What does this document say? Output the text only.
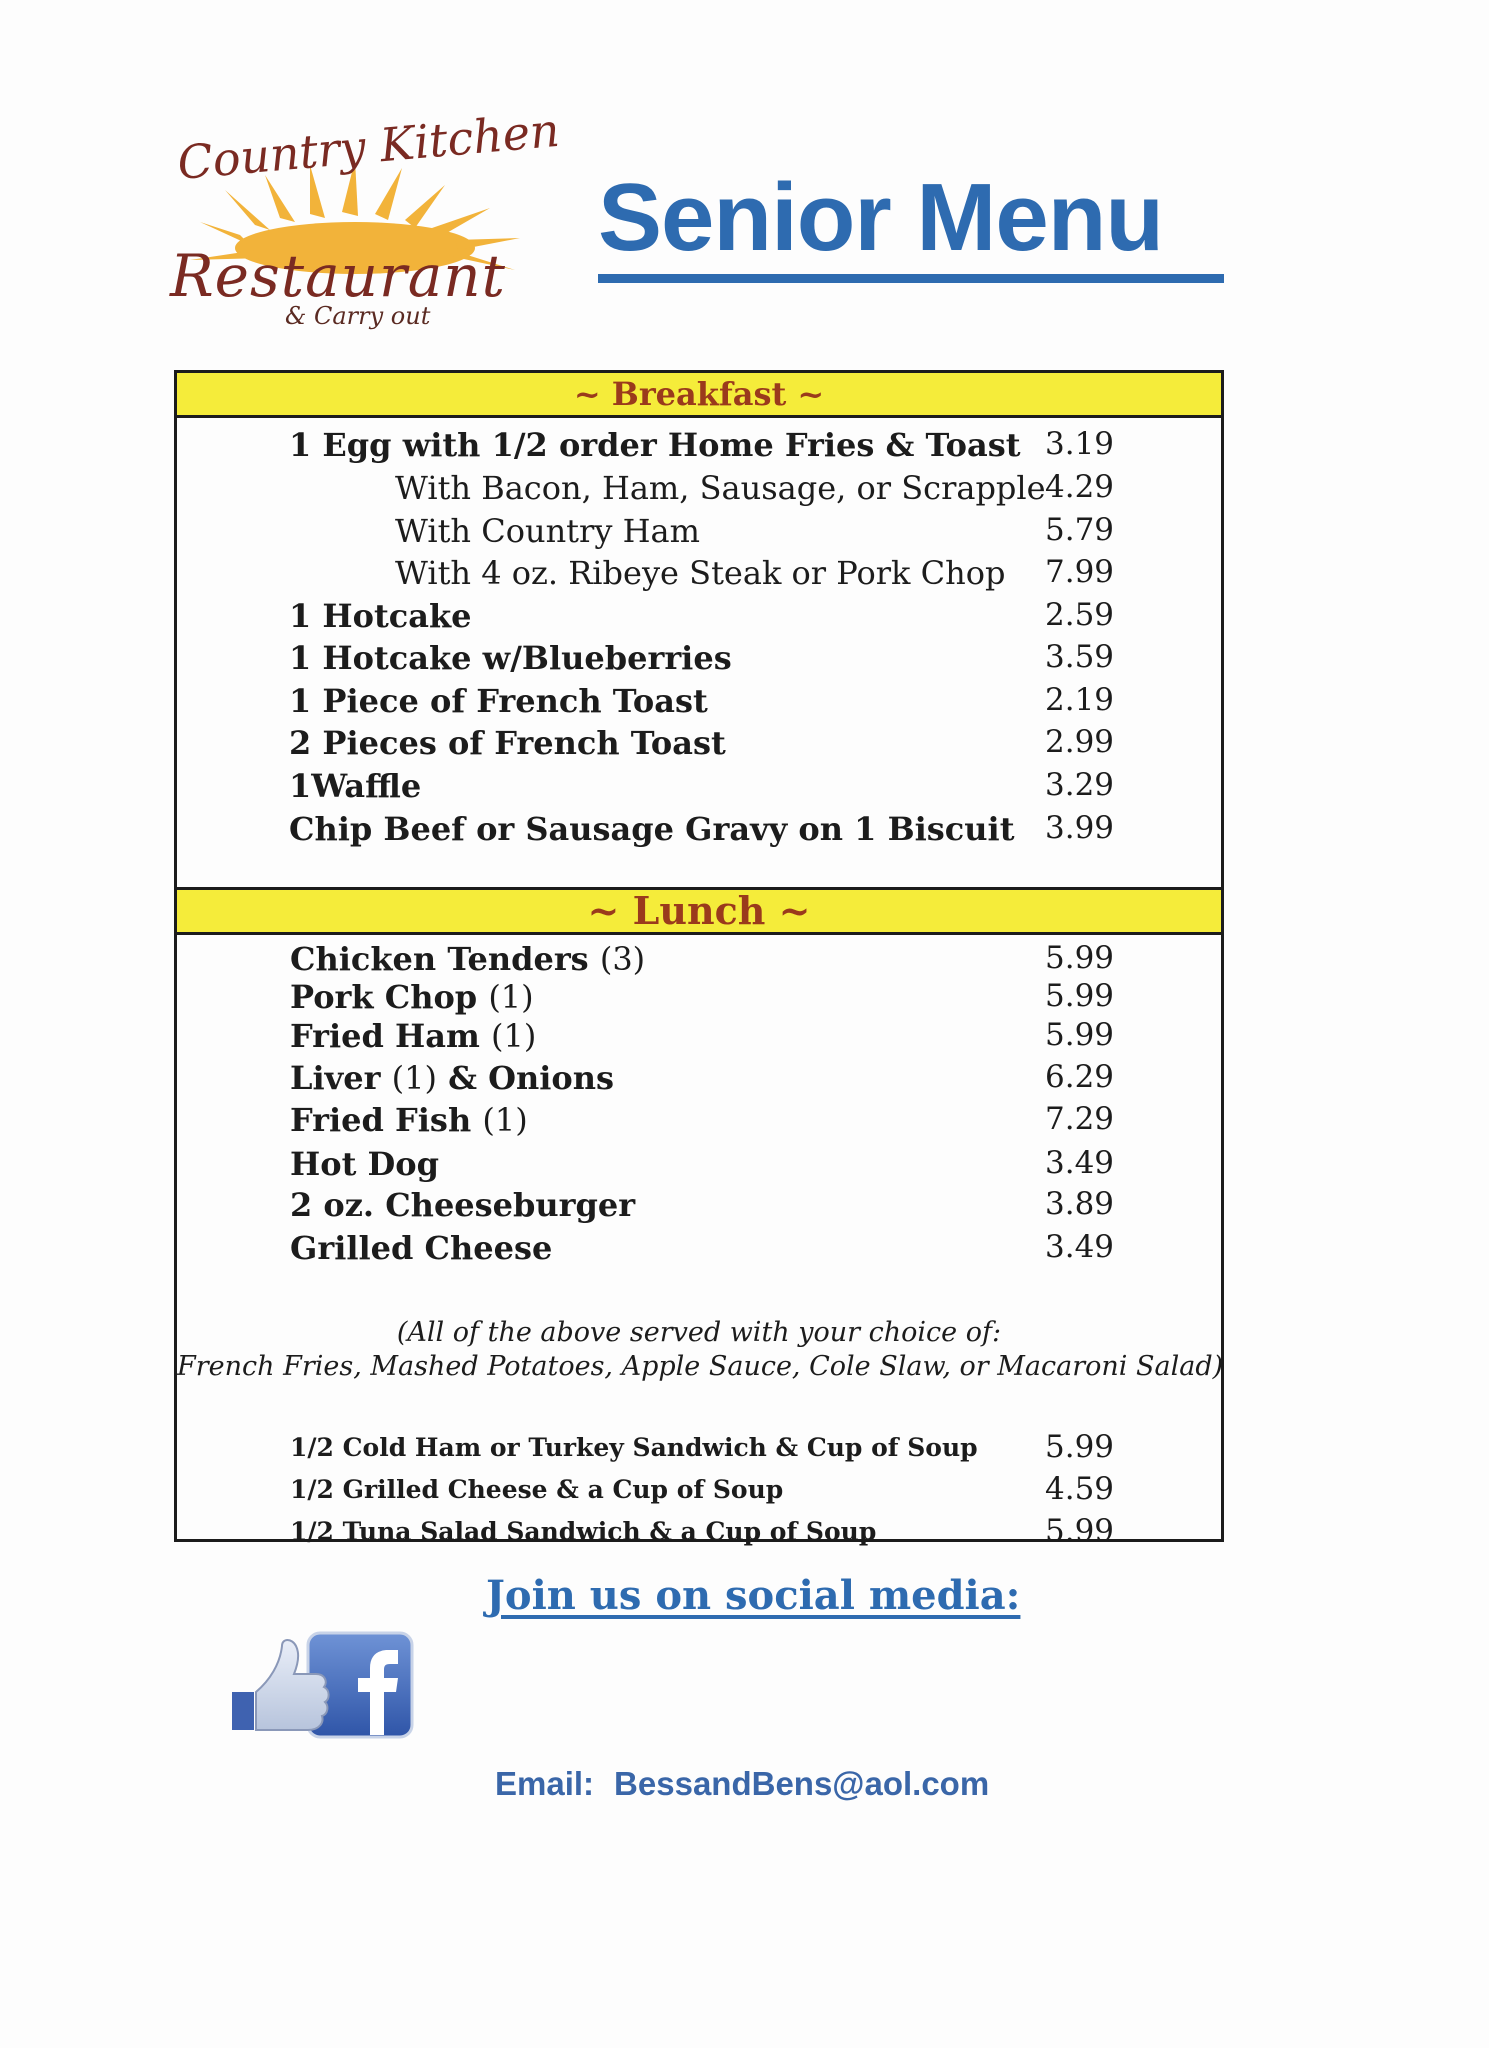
Country Kitchen
Restaurant
& Carry out
Senior Menu
~ Breakfast ~
1 Egg with 1/2 order Home Fries & Toast 3.19
With Bacon, Ham, Sausage, or Scrapple 4.29
With Country Ham	5.79
With 4 oz. Ribeye Steak or Pork Chop 7.99
1 Hotcake	2.59
1 Hotcake w/Blueberries	3.59
1 Piece of French Toast	2.19
2 Pieces of French Toast	2.99
1Waffle	3.29
Chip Beef or Sausage Gravy on 1 Biscuit 3.99
~ Lunch ~
Chicken Tenders (3)	5.99
Pork Chop (1)	5.99
Fried Ham (1)	5.99
Liver (1) & Onions	6.29
Fried Fish (1)	7.29
Hot Dog	3.49
2 oz. Cheeseburger	3.89
Grilled Cheese	3.49
(All of the above served with your choice of:
French Fries, Mashed Potatoes, Apple Sauce, Cole Slaw, or Macaroni Salad)
1/2 Cold Ham or Turkey Sandwich & Cup of Soup 5.99
1/2 Grilled Cheese & a Cup of Soup	4.59
1/2 Tuna Salad Sandwich & a Cup of Soup	5.99
Join us on social media:
Email: BessandBens@aol.com
